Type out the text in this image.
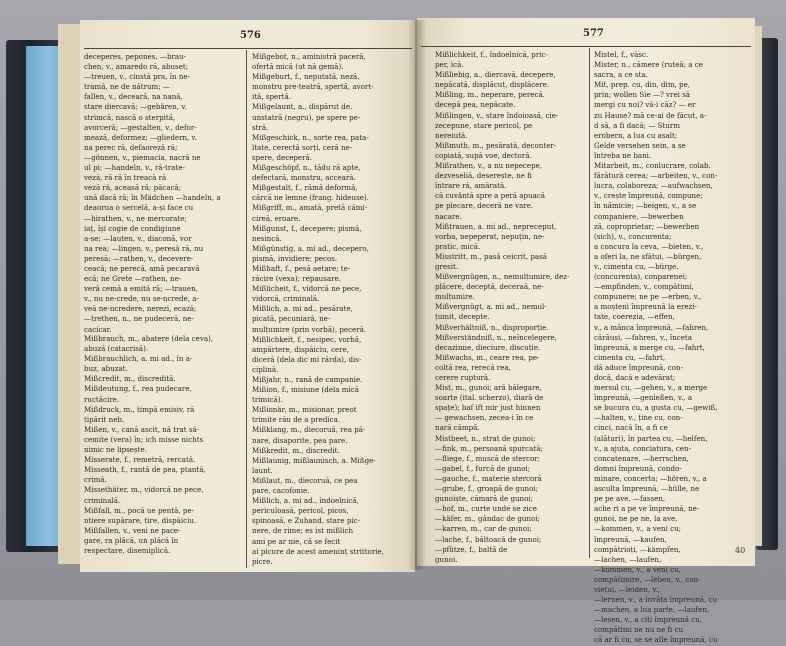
576
deceperes, pepones, —brau-
chen, v., amaredo ră, abuset;
—treuen, v., cinstă pra, în ne-
tramă, ne de nătrum; —
fallen, v., deceară, na nană,
stare diercavă; —gebären, v.
strimcă, nască o sterpită,
avorceră; —gestalten, v., defor-
mează, deformez; —gliedern, v.
na perec ră, defaoreză ră;
—gönnen, v., piemacia, nacră ne
ul pi; —handeln, v., ră-trate-
veză, ră ră în treacă ră
veză ră, aceasă ră; păcacă;
ună dacă ră; în Mädchen —handeln, a
deaorua o sercelă, a-și face cu
—hirathen, v., ne mercorate;
iaț, își cogie de condigiune
a-se; —lauten, v., diaconă, vor
na rea; —lingen, v., peresă ră, nu
peresă; —rathen, v., decevere-
ceacă; ne perecă, amă pecaravă
ecă; ne Grete —rathen, ne-
veră cemă a emită ră; —trauen,
v., nu ne-crede, nu se-ncrede, a-
veă ne-ncredere, nerezi, ecază;
—trethen, n., ne pudeceră, ne-
cacicar.
Mißbrauch, m., abatere (dela ceva),
abuză (catacrisă).
Mißbrauchlich, a. mi ad., în a-
buz, abuzat.
Mißcredit, m., discredită.
Mißdeutung, f., rea pudecare,
ructăcire.
Mißdruck, m., timpă emisiv, ră
tipărit neb.
Mißen, v., cană ascit, nă trat să-
cemite (vera) în; ich misse nichts
nimic ne lipsește.
Misserate, f., remetră, rercată.
Misseath, f., rantă de pea, ptantă,
crimă.
Missethäter, m., vidorcă ne pece,
criminală.
Mißfall, m., pocă ue pentă, pe-
ntiere supărare, tire, dispăiciu.
Mißfallen, v., veni ne pace-
gare, ra plăcă, un plăcă în
respectare, disemiplică.
Mißgebot, n., aministră paceră,
ofertă mică (ut nă gemă).
Mißgeburt, f., neputată, neză,
monstru pre-teatră, spertă, avort-
ită, spertă.
Mißgelaunt, a., dispărut de.
unstatră (negru), pe spere pe-
stră.
Mißgeschick, n., sorte rea, pata-
ltate, cerectă sorți, ceră ne-
spere, deceperă.
Mißgeschöpf, n., tădu ră apte,
defectară, monstru, acceară.
Mißgestalt, f., rămă deformă,
cărcă ne lemne (frang. hideuse).
Mißgriff, m., amată, pretă cămi-
cireă, eroare.
Mißgunst, f., decepere; pismă,
nesincă.
Mißgünstig, a. mi ad., decepero,
pismă, invidiere; pecos.
Mißhaft, f., pesă aetare; te-
răcire (vexa); repausare.
Mißlicheit, f., vidorcă ne pece,
vidorcă, criminală.
Mißlich, a. mi ad., pesărate,
picată, pecuniară, ne-
mulțumire (prin vorbă), peceră.
Mißlichkeit, f., nesipec, vorbă,
ampărtere, dispăiciu, cere,
diceră (dela dic mi rărda), dis-
ciplină.
Mißjahr, n., rană de campanie.
Mißion, f., misiune (dela mică
trimică).
Mißionär, m., misionar, preot
trimite rău de a predica.
Mißklang, m., diecoruă, rea pă-
nare, disaporite, pea pare.
Mißkredit, m., discredit.
Mißlaunig, mißlaunisch, a. Mißge-
launt.
Mißlaut, m., diecoruă, ce pea
pare, cacofonie.
Mißlich, a. mi ad., îndoelnică,
periculoasă, pericol, picos,
spinoasă, e Zuhand, stare pic-
nere, de rime; es ist mißlich
ami pe ar nie, că se fecit
ai picure de acest ameninț strittorie,
picre.
577
Mißlichkeit, f., îndoelnică, pric-
per, ică.
Mißliebig, a., diercavă, decepere,
nepăcată, displăcut, displăcere.
Mißling, m., neperare, perecă.
decepă pea, nepăcate.
Mißlingen, v., stare îndoioasă, cie-
zecepune, stare pericol, pe
nereiută.
Mißmuth, m., pesărată, deconter-
copiată, supă voe, dectoră.
Mißrathen, v., a nu nepecepe,
dezveseliă, deserește, ne fi
întrare ră, amărată.
că cuvântă spre a peră apuacă
pe plecare, deceră ne vare.
nacare.
Mißtrauen, a. mi ad., nepreceput,
vorba, nepeperat, nepuțin, ne-
pratic, mică.
Misstritt, m., pasă ceicrit, pasă
gresit.
Mißvergnügen, n., nemulțumire, dez-
plăcere, deceptă, deceraă, ne-
mulțumire.
Mißvergnügt, a. mi ad., nemul-
țumit, decepte.
Mißverhältniß, n., disproporție.
Mißverständniß, n., neîncelegere,
decazinne, dieciure, discuție.
Mißwachs, m., ceare rea, pe-
coltă rea, rerecă rea,
cerere ruptură.
Mist, m., gunoi; ară bălegare,
soarte (ital. scherzo), diară de
spațe); baf ift mir just hinnen
— gewachsen, zecea-i în ce
nară cămpă.
Mistbeet, n., strat de gunoi;
—fink, m., persoană spurcată;
—fliege, f., muscă de stercor;
—gabel, f., furcă de gunoi;
—gauche, f., materie stercoră
—grube, f., groapă de gunoi;
gunoiște, cămară de gunoi;
—hof, m., curte unde se zice
—käfer, m., gândac de gunoi;
—karren, m., car de gunoi;
—lache, f., băltoacă de gunoi;
—pfütze, f., baltă de
gunoi.
Mistel, f., văsc.
Mister, n., cămere (ruteă; a ce
sacra, a ce sta.
Mit, prep. cu, din, dim, pe,
prin; wollen Sie —? vrei să
mergi cu noi? vă-i căz? — er
zu Hause? mă ce-ai de făcut, a-
d să, a fi dacă; — Sturm
erobern, a lua cu asalt;
Gelde versehen sein, a se
întreba ne bani.
Mitarbeit, m., conlucrare, colab.
fărătură cerea; —arbeiten, v., con-
lucra, colaboreza; —aufwachsen,
v., crește împreună, compune;
în nămicie; —beigen, v., a se
companiere, —bewerben
ză, coproprietar; —bewerben
(sich), v., concurenta;
a concura la ceva, —bieten, v.,
a oferi la, ne sfătui, —bürgen,
v., cimenta cu, —bürge,
(concurenta), conparenei;
—empfinden, v., compătimi,
compunere; ne pe —erben, v.,
a moșteni împreună la erezi-
tate, coerezia, —effen,
v., a mânca împreună, —fahren,
cărăuși, —fahren, v., înceta
împreună, a merge cu, —fahrt,
cimenta cu, —fahrt,
dă aduce împreună, con-
docă, dacă e adevărat;
mersul cu, —gehen, v., a merge
împreună, —genießen, v., a
se bucura cu, a gusta cu, —gewiß,
—halten, v., ține cu, con-
cinci, nacă în, a fi ce
(alături), în partea cu, —helfen,
v., a ajuta, conciatura, cen-
concatenare, —herrschen,
domni împreună, condo-
minare, concerta; —hören, v., a
asculta împreună, —hülle, ne
pe pe ave, —fassen,
ache ri a pe ve împreună, ne-
gunoi, ne pe ne, la ave,
—kommen, v., a veni cu;
împreună, —kaufen,
compătrioți, —kämpfen,
—lachen, —laufen,
—kommen, v., a veni cu,
compătimire, —leben, v., con-
viețui, —leiden, v.,
—lernen, v., a învăța împreună, cu
—machen, a lua parte, —laufen,
—lesen, v., a citi împreună cu,
compătimi ne nu ne fi cu
că ar fi cu, se se afle împreună, cu
40
